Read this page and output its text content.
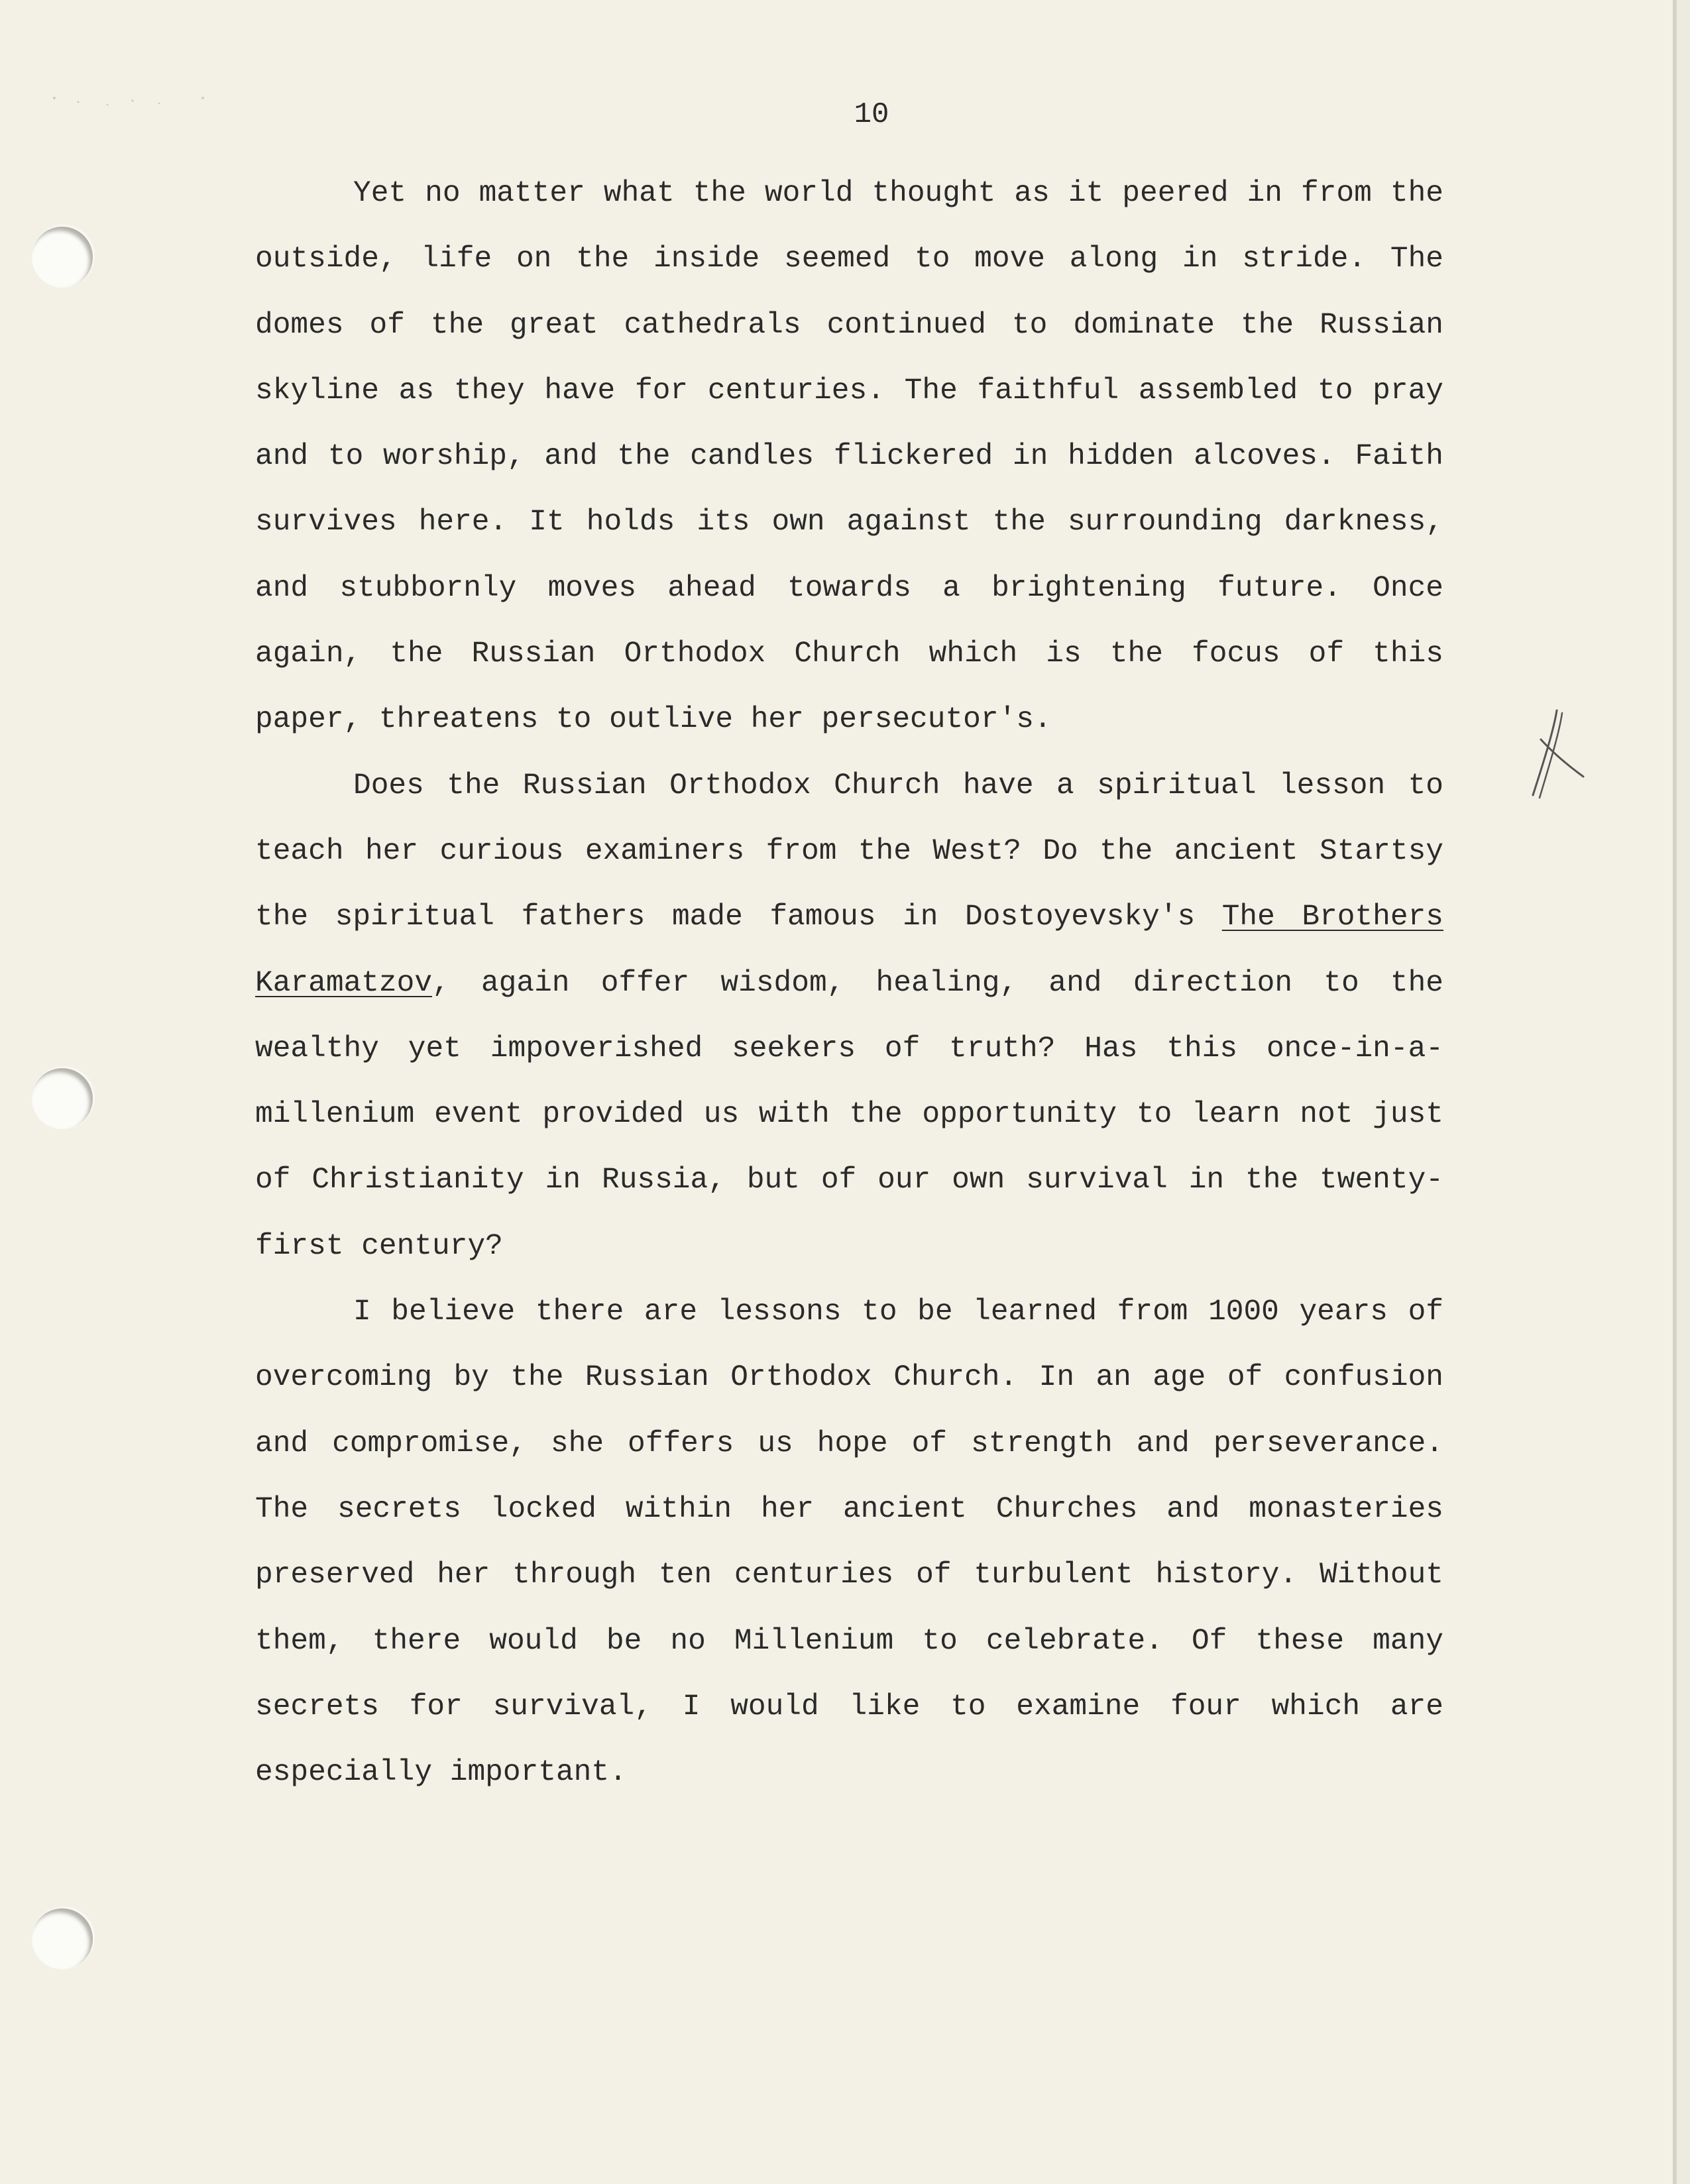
10

Yet no matter what the world thought as it peered in from the outside, life on the inside seemed to move along in stride. The domes of the great cathedrals continued to dominate the Russian skyline as they have for centuries. The faithful assembled to pray and to worship, and the candles flickered in hidden alcoves. Faith survives here. It holds its own against the surrounding darkness, and stubbornly moves ahead towards a brightening future. Once again, the Russian Orthodox Church which is the focus of this paper, threatens to outlive her persecutor's.

Does the Russian Orthodox Church have a spiritual lesson to teach her curious examiners from the West? Do the ancient Startsy the spiritual fathers made famous in Dostoyevsky's The Brothers Karamatzov, again offer wisdom, healing, and direction to the wealthy yet impoverished seekers of truth? Has this once-in-a-millenium event provided us with the opportunity to learn not just of Christianity in Russia, but of our own survival in the twenty-first century?

I believe there are lessons to be learned from 1000 years of overcoming by the Russian Orthodox Church. In an age of confusion and compromise, she offers us hope of strength and perseverance. The secrets locked within her ancient Churches and monasteries preserved her through ten centuries of turbulent history. Without them, there would be no Millenium to celebrate. Of these many secrets for survival, I would like to examine four which are especially important.
